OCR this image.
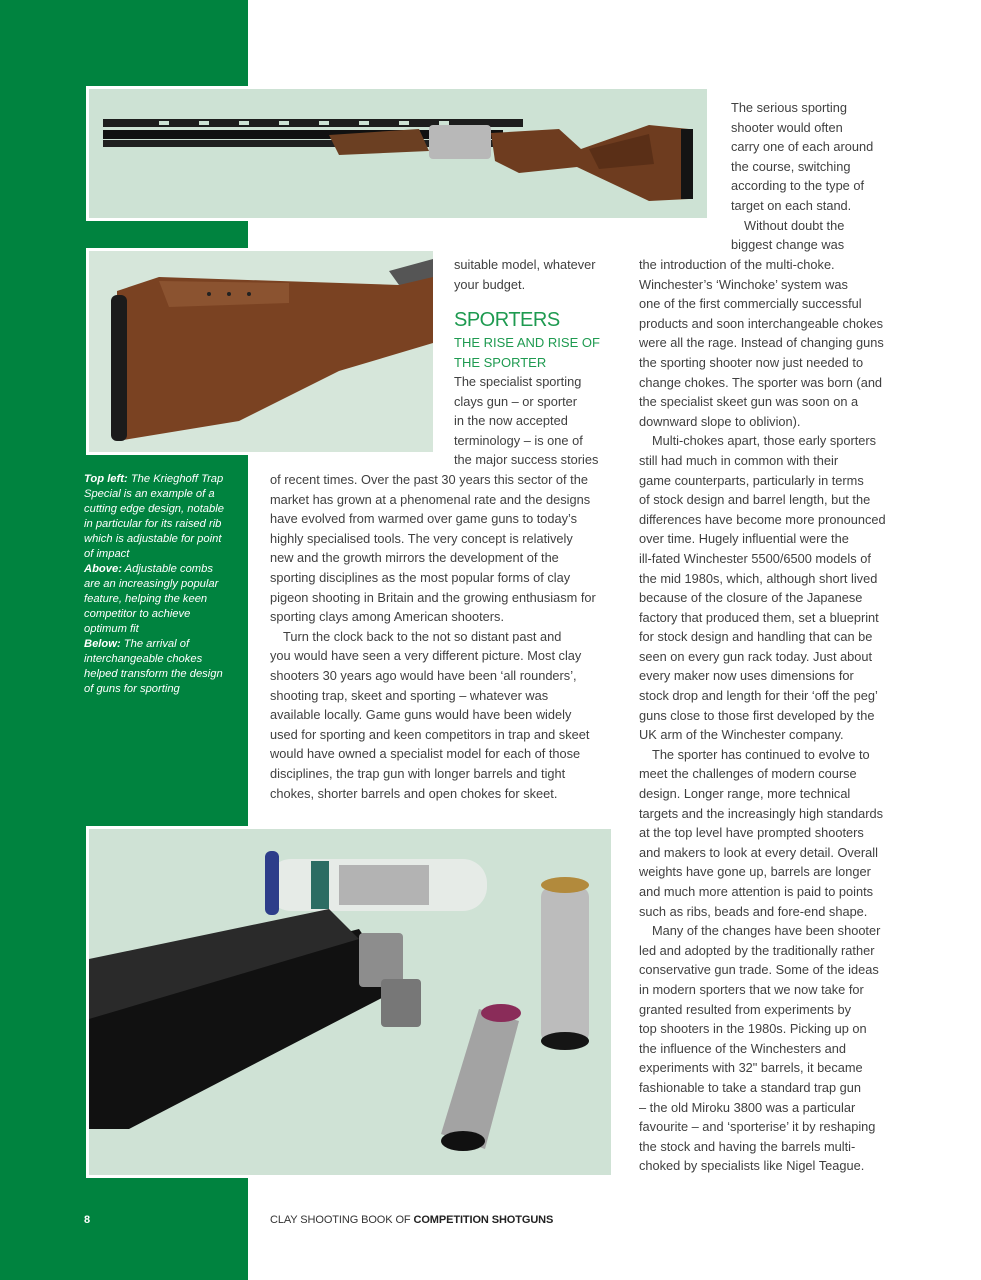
Top left: The Krieghoff Trap Special is an example of a cutting edge design, notable in particular for its raised rib which is adjustable for point of impact
Above: Adjustable combs are an increasingly popular feature, helping the keen competitor to achieve optimum fit
Below: The arrival of interchangeable chokes helped transform the design of guns for sporting

suitable model, whatever

your budget.

SPORTERS
THE RISE AND RISE OF THE SPORTER

The specialist sporting

clays gun – or sporter

in the now accepted

terminology – is one of

the major success stories

of recent times. Over the past 30 years this sector of the

market has grown at a phenomenal rate and the designs

have evolved from warmed over game guns to today’s

highly specialised tools. The very concept is relatively

new and the growth mirrors the development of the

sporting disciplines as the most popular forms of clay

pigeon shooting in Britain and the growing enthusiasm for

sporting clays among American shooters.

Turn the clock back to the not so distant past and

you would have seen a very different picture. Most clay

shooters 30 years ago would have been ‘all rounders’,

shooting trap, skeet and sporting – whatever was

available locally. Game guns would have been widely

used for sporting and keen competitors in trap and skeet

would have owned a specialist model for each of those

disciplines, the trap gun with longer barrels and tight

chokes, shorter barrels and open chokes for skeet.

The serious sporting

shooter would often

carry one of each around

the course, switching

according to the type of

target on each stand.

Without doubt the

biggest change was

the introduction of the multi-choke.

Winchester’s ‘Winchoke’ system was

one of the first commercially successful

products and soon interchangeable chokes

were all the rage. Instead of changing guns

the sporting shooter now just needed to

change chokes. The sporter was born (and

the specialist skeet gun was soon on a

downward slope to oblivion).

Multi-chokes apart, those early sporters

still had much in common with their

game counterparts, particularly in terms

of stock design and barrel length, but the

differences have become more pronounced

over time. Hugely influential were the

ill-fated Winchester 5500/6500 models of

the mid 1980s, which, although short lived

because of the closure of the Japanese

factory that produced them, set a blueprint

for stock design and handling that can be

seen on every gun rack today. Just about

every maker now uses dimensions for

stock drop and length for their ‘off the peg’

guns close to those first developed by the

UK arm of the Winchester company.

The sporter has continued to evolve to

meet the challenges of modern course

design. Longer range, more technical

targets and the increasingly high standards

at the top level have prompted shooters

and makers to look at every detail. Overall

weights have gone up, barrels are longer

and much more attention is paid to points

such as ribs, beads and fore-end shape.

Many of the changes have been shooter

led and adopted by the traditionally rather

conservative gun trade. Some of the ideas

in modern sporters that we now take for

granted resulted from experiments by

top shooters in the 1980s. Picking up on

the influence of the Winchesters and

experiments with 32" barrels, it became

fashionable to take a standard trap gun

– the old Miroku 3800 was a particular

favourite – and ‘sporterise’ it by reshaping

the stock and having the barrels multi-

choked by specialists like Nigel Teague.

8	CLAY SHOOTING BOOK OF COMPETITION SHOTGUNS
